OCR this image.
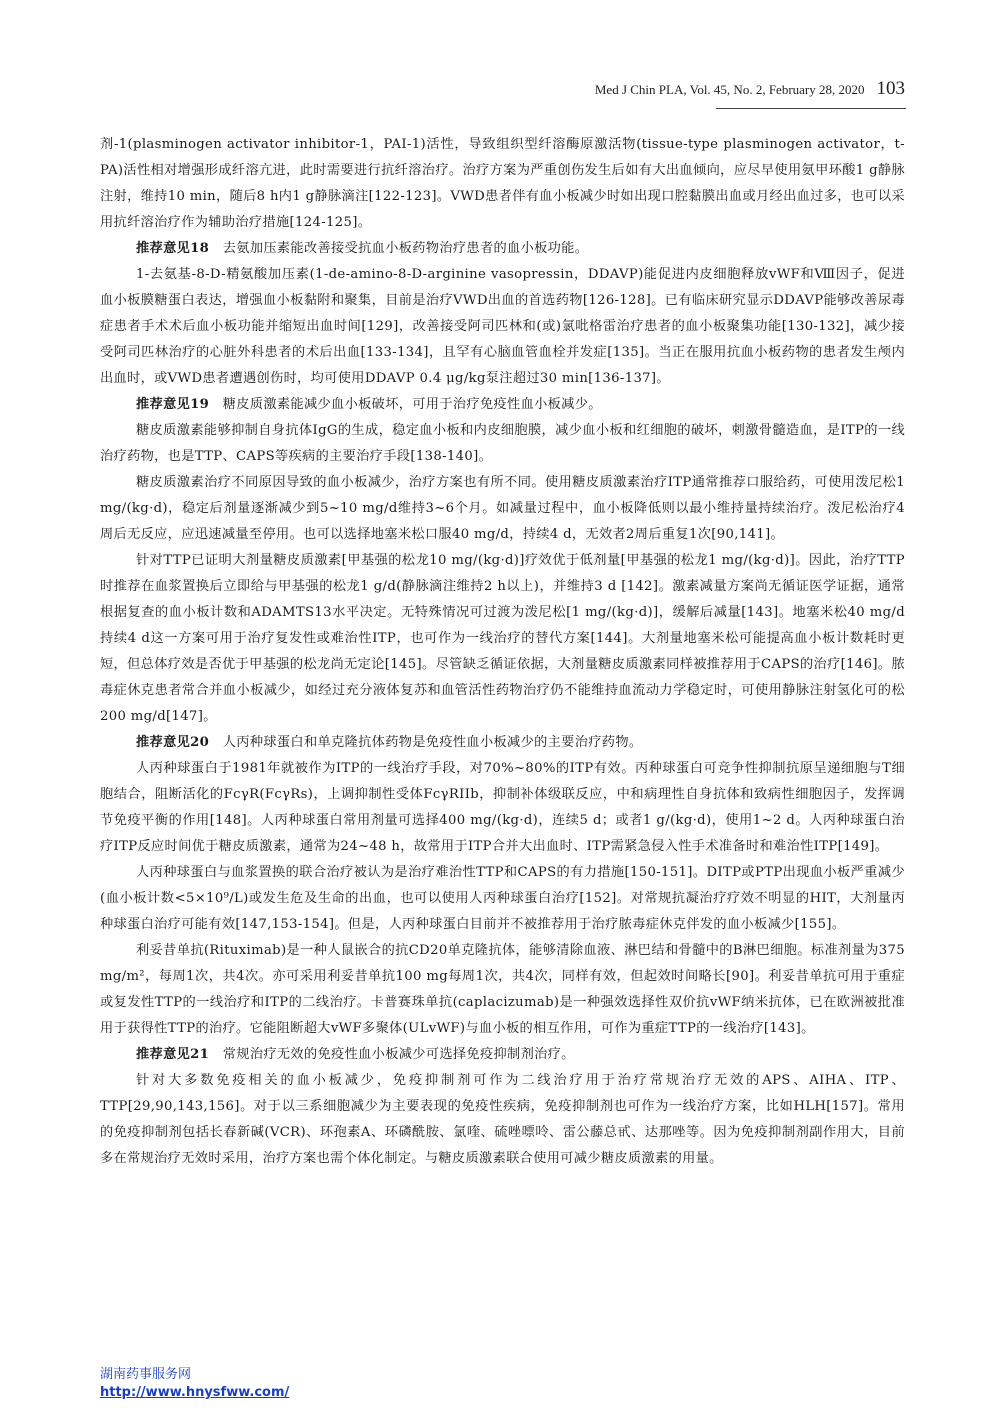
Med J Chin PLA, Vol. 45, No. 2, February 28, 2020 103

剂-1(plasminogen activator inhibitor-1，PAI-1)活性，导致组织型纤溶酶原激活物(tissue-type plasminogen activator，t-PA)活性相对增强形成纤溶亢进，此时需要进行抗纤溶治疗。治疗方案为严重创伤发生后如有大出血倾向，应尽早使用氨甲环酸1 g静脉注射，维持10 min，随后8 h内1 g静脉滴注[122-123]。VWD患者伴有血小板减少时如出现口腔黏膜出血或月经出血过多，也可以采用抗纤溶治疗作为辅助治疗措施[124-125]。

推荐意见18　 去氨加压素能改善接受抗血小板药物治疗患者的血小板功能。

1-去氨基-8-D-精氨酸加压素(1-de-amino-8-D-arginine vasopressin，DDAVP)能促进内皮细胞释放vWF和Ⅷ因子，促进血小板膜糖蛋白表达，增强血小板黏附和聚集，目前是治疗VWD出血的首选药物[126-128]。已有临床研究显示DDAVP能够改善尿毒症患者手术术后血小板功能并缩短出血时间[129]，改善接受阿司匹林和(或)氯吡格雷治疗患者的血小板聚集功能[130-132]，减少接受阿司匹林治疗的心脏外科患者的术后出血[133-134]，且罕有心脑血管血栓并发症[135]。当正在服用抗血小板药物的患者发生颅内出血时，或VWD患者遭遇创伤时，均可使用DDAVP 0.4 μg/kg泵注超过30 min[136-137]。

推荐意见19　 糖皮质激素能减少血小板破坏，可用于治疗免疫性血小板减少。

糖皮质激素能够抑制自身抗体IgG的生成，稳定血小板和内皮细胞膜，减少血小板和红细胞的破坏，刺激骨髓造血，是ITP的一线治疗药物，也是TTP、CAPS等疾病的主要治疗手段[138-140]。

糖皮质激素治疗不同原因导致的血小板减少，治疗方案也有所不同。使用糖皮质激素治疗ITP通常推荐口服给药，可使用泼尼松1 mg/(kg·d)，稳定后剂量逐渐减少到5~10 mg/d维持3~6个月。如减量过程中，血小板降低则以最小维持量持续治疗。泼尼松治疗4周后无反应，应迅速减量至停用。也可以选择地塞米松口服40 mg/d，持续4 d，无效者2周后重复1次[90,141]。

针对TTP已证明大剂量糖皮质激素[甲基强的松龙10 mg/(kg·d)]疗效优于低剂量[甲基强的松龙1 mg/(kg·d)]。因此，治疗TTP时推荐在血浆置换后立即给与甲基强的松龙1 g/d(静脉滴注维持2 h以上)，并维持3 d [142]。激素减量方案尚无循证医学证据，通常根据复查的血小板计数和ADAMTS13水平决定。无特殊情况可过渡为泼尼松[1 mg/(kg·d)]，缓解后减量[143]。地塞米松40 mg/d持续4 d这一方案可用于治疗复发性或难治性ITP，也可作为一线治疗的替代方案[144]。大剂量地塞米松可能提高血小板计数耗时更短，但总体疗效是否优于甲基强的松龙尚无定论[145]。尽管缺乏循证依据，大剂量糖皮质激素同样被推荐用于CAPS的治疗[146]。脓毒症休克患者常合并血小板减少，如经过充分液体复苏和血管活性药物治疗仍不能维持血流动力学稳定时，可使用静脉注射氢化可的松200 mg/d[147]。

推荐意见20　 人丙种球蛋白和单克隆抗体药物是免疫性血小板减少的主要治疗药物。

人丙种球蛋白于1981年就被作为ITP的一线治疗手段，对70%~80%的ITP有效。丙种球蛋白可竞争性抑制抗原呈递细胞与T细胞结合，阻断活化的FcγR(FcγRs)，上调抑制性受体FcγRIIb，抑制补体级联反应，中和病理性自身抗体和致病性细胞因子，发挥调节免疫平衡的作用[148]。人丙种球蛋白常用剂量可选择400 mg/(kg·d)，连续5 d；或者1 g/(kg·d)，使用1~2 d。人丙种球蛋白治疗ITP反应时间优于糖皮质激素，通常为24~48 h，故常用于ITP合并大出血时、ITP需紧急侵入性手术准备时和难治性ITP[149]。

人丙种球蛋白与血浆置换的联合治疗被认为是治疗难治性TTP和CAPS的有力措施[150-151]。DITP或PTP出现血小板严重减少(血小板计数<5×10⁹/L)或发生危及生命的出血，也可以使用人丙种球蛋白治疗[152]。对常规抗凝治疗疗效不明显的HIT，大剂量丙种球蛋白治疗可能有效[147,153-154]。但是，人丙种球蛋白目前并不被推荐用于治疗脓毒症休克伴发的血小板减少[155]。

利妥昔单抗(Rituximab)是一种人鼠嵌合的抗CD20单克隆抗体，能够清除血液、淋巴结和骨髓中的B淋巴细胞。标准剂量为375 mg/m²，每周1次，共4次。亦可采用利妥昔单抗100 mg每周1次，共4次，同样有效，但起效时间略长[90]。利妥昔单抗可用于重症或复发性TTP的一线治疗和ITP的二线治疗。卡普赛珠单抗(caplacizumab)是一种强效选择性双价抗vWF纳米抗体，已在欧洲被批准用于获得性TTP的治疗。它能阻断超大vWF多聚体(ULvWF)与血小板的相互作用，可作为重症TTP的一线治疗[143]。

推荐意见21　 常规治疗无效的免疫性血小板减少可选择免疫抑制剂治疗。

针对大多数免疫相关的血小板减少，免疫抑制剂可作为二线治疗用于治疗常规治疗无效的APS、AIHA、ITP、TTP[29,90,143,156]。对于以三系细胞减少为主要表现的免疫性疾病，免疫抑制剂也可作为一线治疗方案，比如HLH[157]。常用的免疫抑制剂包括长春新碱(VCR)、环孢素A、环磷酰胺、氯喹、硫唑嘌呤、雷公藤总甙、达那唑等。因为免疫抑制剂副作用大，目前多在常规治疗无效时采用，治疗方案也需个体化制定。与糖皮质激素联合使用可减少糖皮质激素的用量。

湖南药事服务网
http://www.hnysfww.com/
